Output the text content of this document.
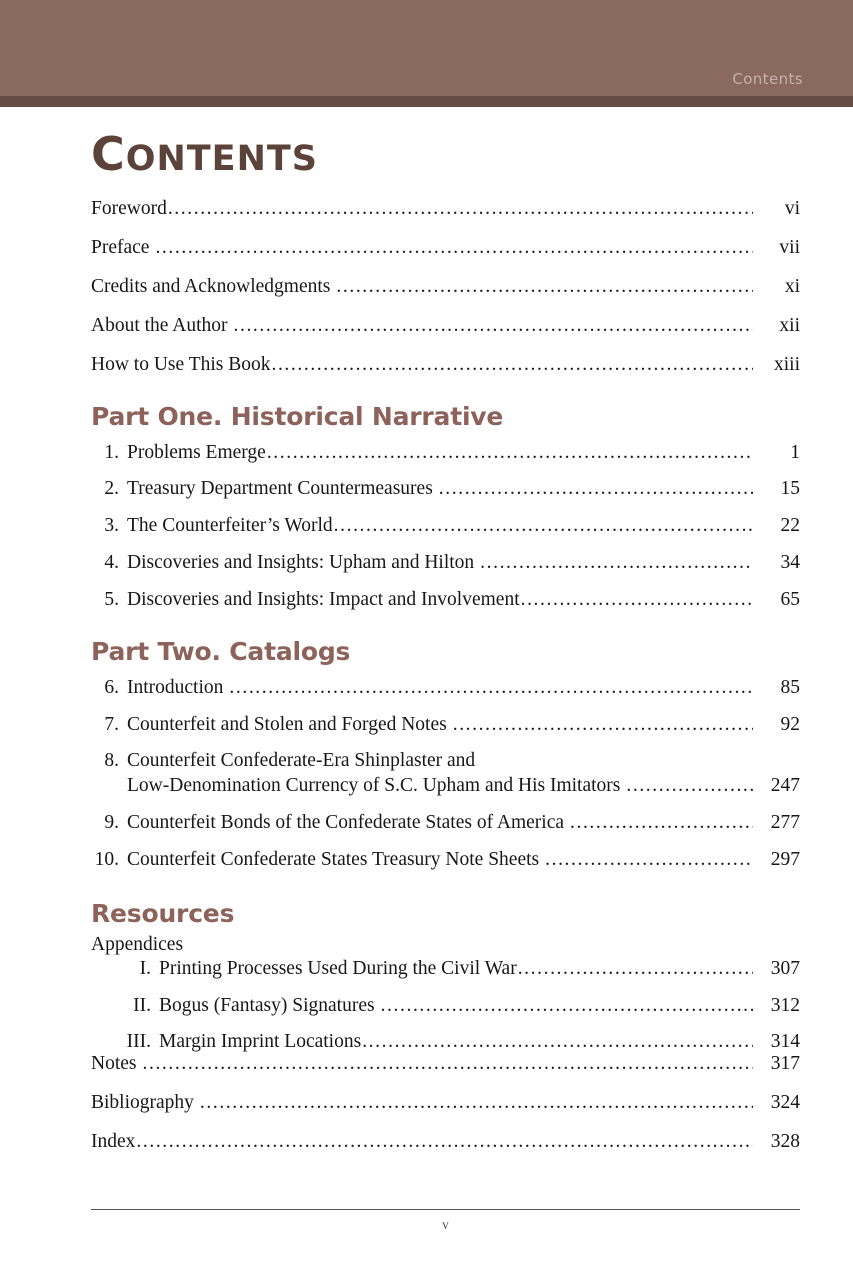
Contents
CONTENTS
Foreword .....	vi
Preface .....	vii
Credits and Acknowledgments .....	xi
About the Author .....	xii
How to Use This Book .....	xiii
Part One. Historical Narrative
1. Problems Emerge .....	1
2. Treasury Department Countermeasures .....	15
3. The Counterfeiter’s World .....	22
4. Discoveries and Insights: Upham and Hilton .....	34
5. Discoveries and Insights: Impact and Involvement .....	65
Part Two. Catalogs
6. Introduction .....	85
7. Counterfeit and Stolen and Forged Notes .....	92
8. Counterfeit Confederate-Era Shinplaster and
Low-Denomination Currency of S.C. Upham and His Imitators .....	247
9. Counterfeit Bonds of the Confederate States of America .....	277
10. Counterfeit Confederate States Treasury Note Sheets .....	297
Resources
Appendices
I. Printing Processes Used During the Civil War .....	307
II. Bogus (Fantasy) Signatures .....	312
III. Margin Imprint Locations .....	314
Notes .....	317
Bibliography .....	324
Index .....	328
v
